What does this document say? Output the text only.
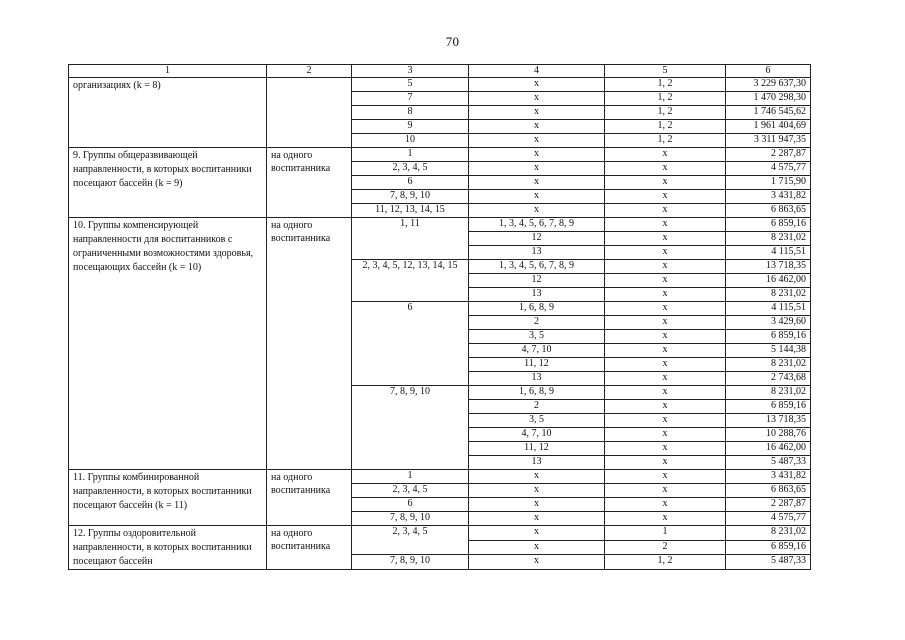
70
1	2	3	4	5	6
организациях (k = 8)		5	х	1, 2	3 229 637,30
		7	х	1, 2	1 470 298,30
		8	х	1, 2	1 746 545,62
		9	х	1, 2	1 961 404,69
		10	х	1, 2	3 311 947,35
9. Группы общеразвивающей направленности, в которых воспитанники посещают бассейн (k = 9)	на одного воспитанника	1	х	х	2 287,87
		2, 3, 4, 5	х	х	4 575,77
		6	х	х	1 715,90
		7, 8, 9, 10	х	х	3 431,82
		11, 12, 13, 14, 15	х	х	6 863,65
10. Группы компенсирующей направленности для воспитанников с ограниченными возможностями здоровья, посещающих бассейн (k = 10)	на одного воспитанника	1, 11	1, 3, 4, 5, 6, 7, 8, 9	х	6 859,16
			12	х	8 231,02
			13	х	4 115,51
		2, 3, 4, 5, 12, 13, 14, 15	1, 3, 4, 5, 6, 7, 8, 9	х	13 718,35
			12	х	16 462,00
			13	х	8 231,02
		6	1, 6, 8, 9	х	4 115,51
			2	х	3 429,60
			3, 5	х	6 859,16
			4, 7, 10	х	5 144,38
			11, 12	х	8 231,02
			13	х	2 743,68
		7, 8, 9, 10	1, 6, 8, 9	х	8 231,02
			2	х	6 859,16
			3, 5	х	13 718,35
			4, 7, 10	х	10 288,76
			11, 12	х	16 462,00
			13	х	5 487,33
11. Группы комбинированной направленности, в которых воспитанники посещают бассейн (k = 11)	на одного воспитанника	1	х	х	3 431,82
		2, 3, 4, 5	х	х	6 863,65
		6	х	х	2 287,87
		7, 8, 9, 10	х	х	4 575,77
12. Группы оздоровительной направленности, в которых воспитанники посещают бассейн	на одного воспитанника	2, 3, 4, 5	х	1	8 231,02
			х	2	6 859,16
		7, 8, 9, 10	х	1, 2	5 487,33
